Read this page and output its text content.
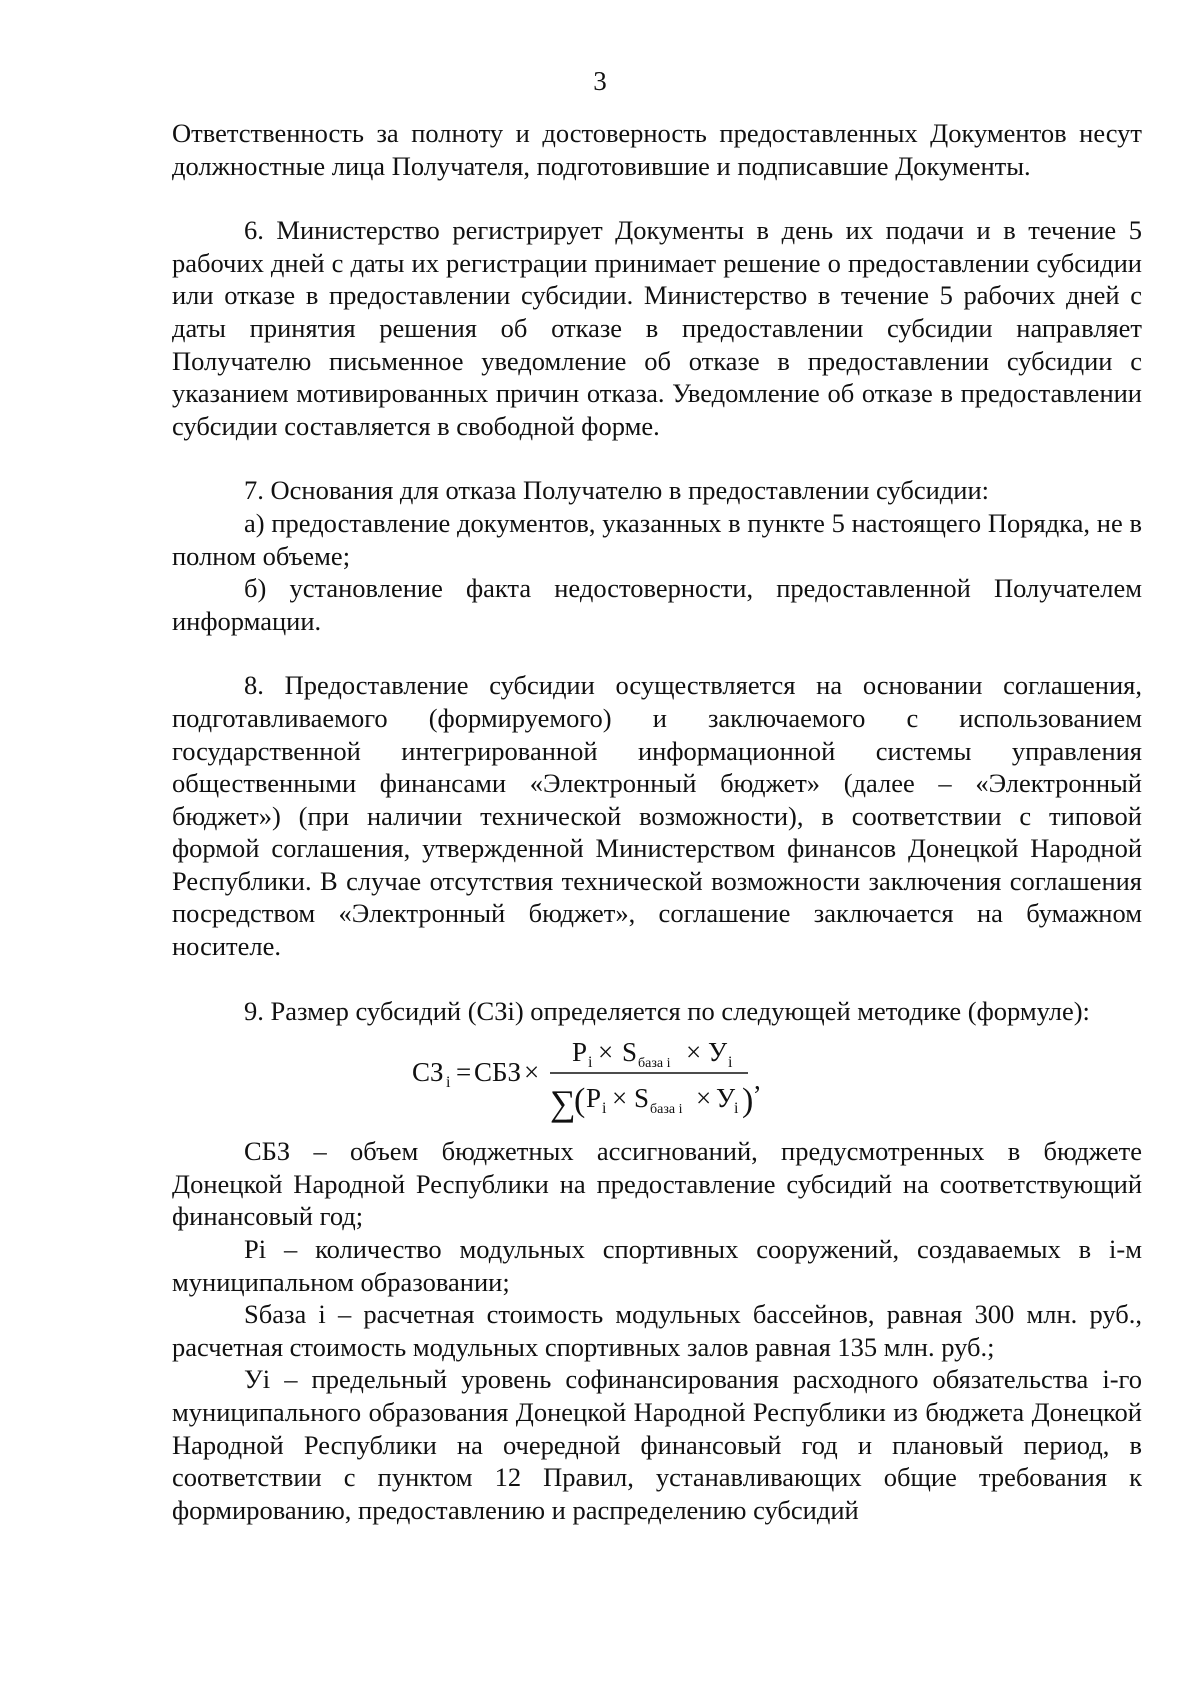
3

Ответственность за полноту и достоверность предоставленных Документов несут должностные лица Получателя, подготовившие и подписавшие Документы.

6. Министерство регистрирует Документы в день их подачи и в течение 5 рабочих дней с даты их регистрации принимает решение о предоставлении субсидии или отказе в предоставлении субсидии. Министерство в течение 5 рабочих дней с даты принятия решения об отказе в предоставлении субсидии направляет Получателю письменное уведомление об отказе в предоставлении субсидии с указанием мотивированных причин отказа. Уведомление об отказе в предоставлении субсидии составляется в свободной форме.

7. Основания для отказа Получателю в предоставлении субсидии:

а) предоставление документов, указанных в пункте 5 настоящего Порядка, не в полном объеме;

б) установление факта недостоверности, предоставленной Получателем информации.

8. Предоставление субсидии осуществляется на основании соглашения, подготавливаемого (формируемого) и заключаемого с использованием государственной интегрированной информационной системы управления общественными финансами «Электронный бюджет» (далее – «Электронный бюджет») (при наличии технической возможности), в соответствии с типовой формой соглашения, утвержденной Министерством финансов Донецкой Народной Республики. В случае отсутствия технической возможности заключения соглашения посредством «Электронный бюджет», соглашение заключается на бумажном носителе.

9. Размер субсидий (СЗi) определяется по следующей методике (формуле):

СЗ i = СБЗ ×
P i × S база i × У i
∑
( P i × S база i × У
i )
,

СБЗ – объем бюджетных ассигнований, предусмотренных в бюджете Донецкой Народной Республики на предоставление субсидий на соответствующий финансовый год;

Pi – количество модульных спортивных сооружений, создаваемых в i-м муниципальном образовании;

Sбаза i – расчетная стоимость модульных бассейнов, равная 300 млн. руб., расчетная стоимость модульных спортивных залов равная 135 млн. руб.;

Уi – предельный уровень софинансирования расходного обязательства i-го муниципального образования Донецкой Народной Республики из бюджета Донецкой Народной Республики на очередной финансовый год и плановый период, в соответствии с пунктом 12 Правил, устанавливающих общие требования к формированию, предоставлению и распределению субсидий
